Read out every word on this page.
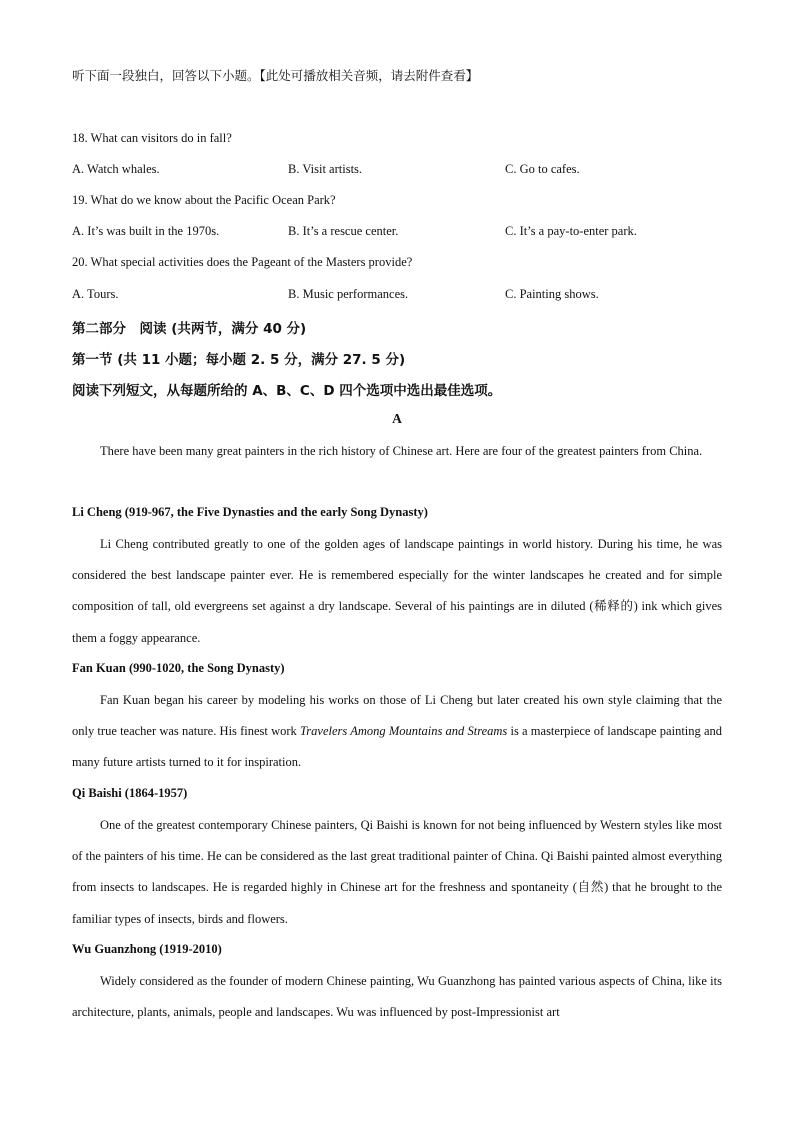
听下面一段独白，回答以下小题。【此处可播放相关音频，请去附件查看】
18. What can visitors do in fall?
A. Watch whales.	B. Visit artists.	C. Go to cafes.
19. What do we know about the Pacific Ocean Park?
A. It’s was built in the 1970s.	B. It’s a rescue center.	C. It’s a pay-to-enter park.
20. What special activities does the Pageant of the Masters provide?
A. Tours.	B. Music performances.	C. Painting shows.
第二部分　阅读 (共两节，满分 40 分)
第一节 (共 11 小题；每小题 2. 5 分，满分 27. 5 分)
阅读下列短文，从每题所给的 A、B、C、D 四个选项中选出最佳选项。
A
There have been many great painters in the rich history of Chinese art. Here are four of the greatest painters from China.
Li Cheng (919-967, the Five Dynasties and the early Song Dynasty)
Li Cheng contributed greatly to one of the golden ages of landscape paintings in world history. During his time, he was considered the best landscape painter ever. He is remembered especially for the winter landscapes he created and for simple composition of tall, old evergreens set against a dry landscape. Several of his paintings are in diluted (稀释的) ink which gives them a foggy appearance.
Fan Kuan (990-1020, the Song Dynasty)
Fan Kuan began his career by modeling his works on those of Li Cheng but later created his own style claiming that the only true teacher was nature. His finest work Travelers Among Mountains and Streams is a masterpiece of landscape painting and many future artists turned to it for inspiration.
Qi Baishi (1864-1957)
One of the greatest contemporary Chinese painters, Qi Baishi is known for not being influenced by Western styles like most of the painters of his time. He can be considered as the last great traditional painter of China. Qi Baishi painted almost everything from insects to landscapes. He is regarded highly in Chinese art for the freshness and spontaneity (自然) that he brought to the familiar types of insects, birds and flowers.
Wu Guanzhong (1919-2010)
Widely considered as the founder of modern Chinese painting, Wu Guanzhong has painted various aspects of China, like its architecture, plants, animals, people and landscapes. Wu was influenced by post-Impressionist art
